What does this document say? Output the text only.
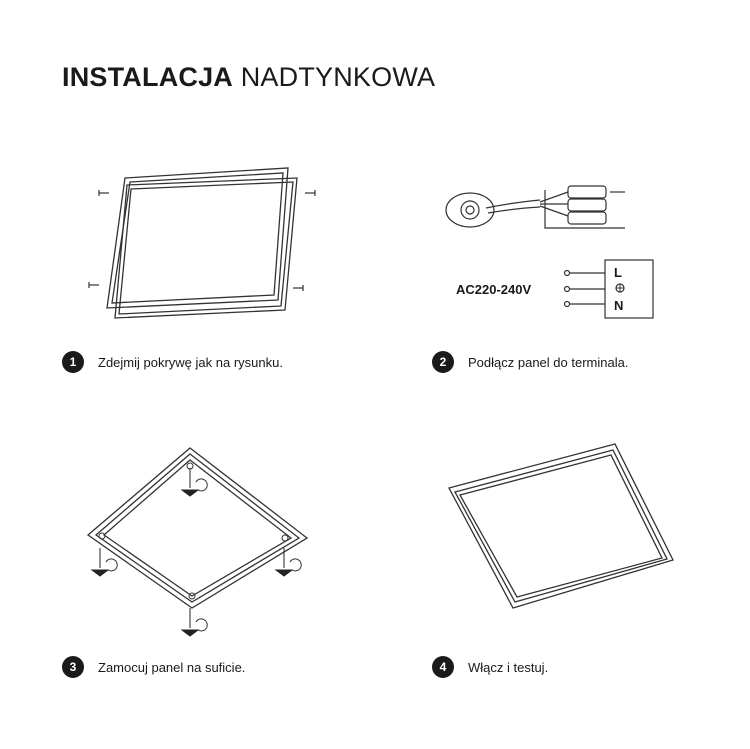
INSTALACJA NADTYNKOWA
AC220-240V
L
N
1	Zdejmij pokrywę jak na rysunku.	2	Podłącz panel do terminala.
3	Zamocuj panel na suficie.	4	Włącz i testuj.
